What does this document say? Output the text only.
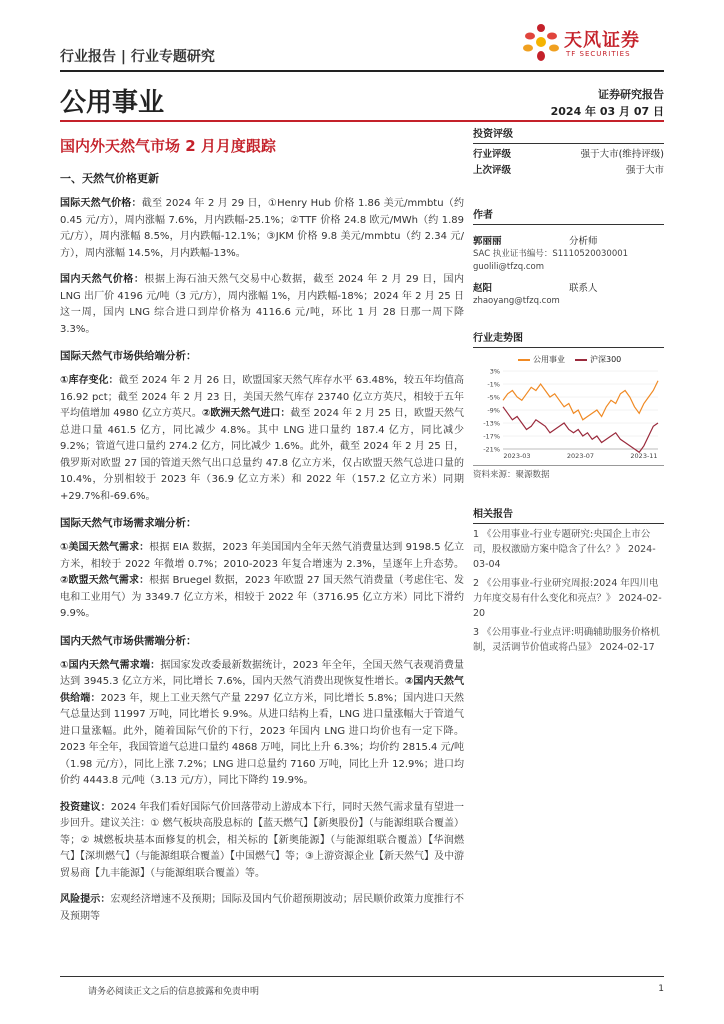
行业报告 | 行业专题研究
天风证券
TF SECURITIES
公用事业	证券研究报告
2024 年 03 月 07 日
国内外天然气市场 2 月月度跟踪
一、天然气价格更新
国际天然气价格：截至 2024 年 2 月 29 日，①Henry Hub 价格 1.86 美元/mmbtu（约 0.45 元/方），周内涨幅 7.6%，月内跌幅-25.1%；②TTF 价格 24.8 欧元/MWh（约 1.89 元/方），周内涨幅 8.5%，月内跌幅-12.1%；③JKM 价格 9.8 美元/mmbtu（约 2.34 元/方），周内涨幅 14.5%，月内跌幅-13%。
国内天然气价格：根据上海石油天然气交易中心数据，截至 2024 年 2 月 29 日，国内 LNG 出厂价 4196 元/吨（3 元/方），周内涨幅 1%，月内跌幅-18%；2024 年 2 月 25 日这一周，国内 LNG 综合进口到岸价格为 4116.6 元/吨，环比 1 月 28 日那一周下降 3.3%。
国际天然气市场供给端分析：
①库存变化：截至 2024 年 2 月 26 日，欧盟国家天然气库存水平 63.48%，较五年均值高 16.92 pct；截至 2024 年 2 月 23 日，美国天然气库存 23740 亿立方英尺，相较于五年平均值增加 4980 亿立方英尺。②欧洲天然气进口：截至 2024 年 2 月 25 日，欧盟天然气总进口量 461.5 亿方，同比减少 4.8%。其中 LNG 进口量约 187.4 亿方，同比减少 9.2%；管道气进口量约 274.2 亿方，同比减少 1.6%。此外，截至 2024 年 2 月 25 日，俄罗斯对欧盟 27 国的管道天然气出口总量约 47.8 亿立方米，仅占欧盟天然气总进口量的 10.4%，分别相较于 2023 年（36.9 亿立方米）和 2022 年（157.2 亿立方米）同期+29.7%和-69.6%。
国际天然气市场需求端分析：
①美国天然气需求：根据 EIA 数据，2023 年美国国内全年天然气消费量达到 9198.5 亿立方米，相较于 2022 年微增 0.7%；2010-2023 年复合增速为 2.3%，呈逐年上升态势。②欧盟天然气需求：根据 Bruegel 数据，2023 年欧盟 27 国天然气消费量（考虑住宅、发电和工业用气）为 3349.7 亿立方米，相较于 2022 年（3716.95 亿立方米）同比下滑约 9.9%。
国内天然气市场供需端分析：
①国内天然气需求端：据国家发改委最新数据统计，2023 年全年，全国天然气表观消费量达到 3945.3 亿立方米，同比增长 7.6%，国内天然气消费出现恢复性增长。②国内天然气供给端：2023 年，规上工业天然气产量 2297 亿立方米，同比增长 5.8%；国内进口天然气总量达到 11997 万吨，同比增长 9.9%。从进口结构上看，LNG 进口量涨幅大于管道气进口量涨幅。此外，随着国际气价的下行，2023 年国内 LNG 进口均价也有一定下降。2023 年全年，我国管道气总进口量约 4868 万吨，同比上升 6.3%；均价约 2815.4 元/吨（1.98 元/方），同比上涨 7.2%；LNG 进口总量约 7160 万吨，同比上升 12.9%；进口均价约 4443.8 元/吨（3.13 元/方），同比下降约 19.9%。
投资建议：2024 年我们看好国际气价回落带动上游成本下行，同时天然气需求量有望进一步回升。建议关注：① 燃气板块高股息标的【蓝天燃气】【新奥股份】（与能源组联合覆盖）等；② 城燃板块基本面修复的机会，相关标的【新奥能源】（与能源组联合覆盖）【华润燃气】【深圳燃气】（与能源组联合覆盖）【中国燃气】等；③上游资源企业【新天然气】及中游贸易商【九丰能源】（与能源组联合覆盖）等。
风险提示：宏观经济增速不及预期；国际及国内气价超预期波动；居民顺价政策力度推行不及预期等
投资评级
行业评级	强于大市(维持评级)
上次评级	强于大市
作者
郭丽丽	分析师
SAC 执业证书编号：S1110520030001
guolili@tfzq.com
赵阳	联系人
zhaoyang@tfzq.com
行业走势图
公用事业	沪深300
3%
-1%
-5%
-9%
-13%
-17%
-21%
2023-03	2023-07	2023-11
资料来源：聚源数据
相关报告
1 《公用事业-行业专题研究:央国企上市公司，股权激励方案中隐含了什么？》 2024-03-04
2 《公用事业-行业研究周报:2024 年四川电力年度交易有什么变化和亮点？》 2024-02-20
3 《公用事业-行业点评:明确辅助服务价格机制，灵活调节价值或将凸显》 2024-02-17
请务必阅读正文之后的信息披露和免责申明	1
